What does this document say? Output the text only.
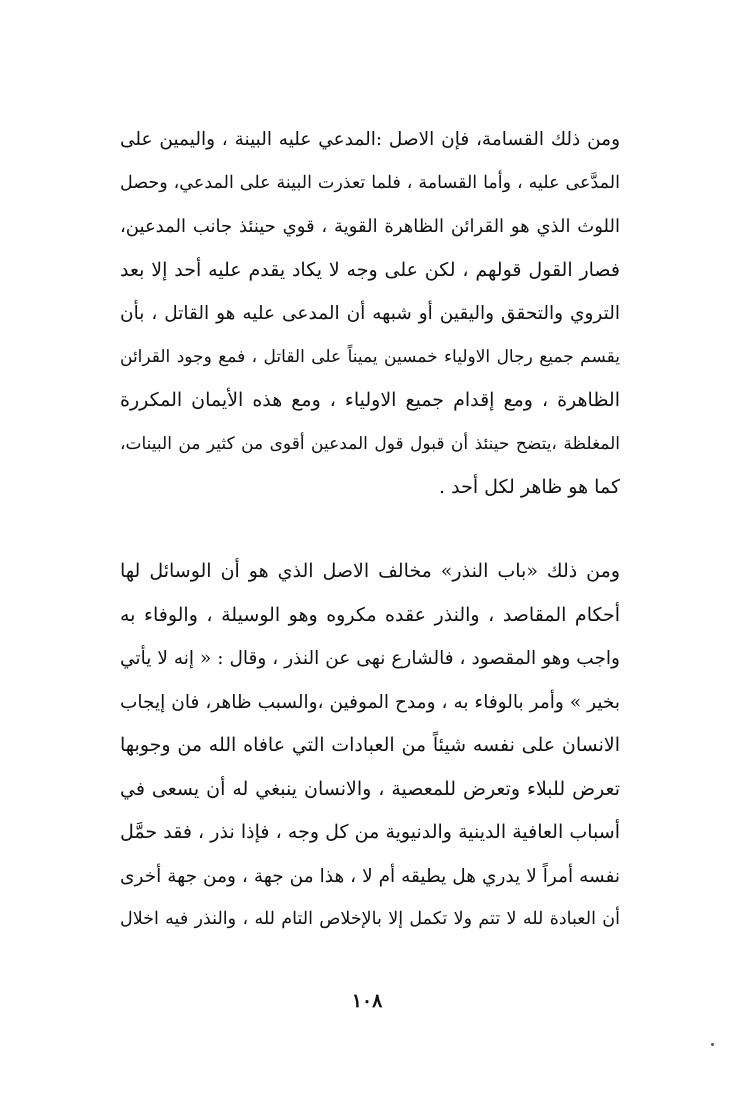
ومن ذلك القسامة، فإن الاصل :المدعي عليه البينة ، واليمين على
المدَّعى عليه ، وأما القسامة ، فلما تعذرت البينة على المدعي، وحصل
اللوث الذي هو القرائن الظاهرة القوية ، قوي حينئذ جانب المدعين،
فصار القول قولهم ، لكن على وجه لا يكاد يقدم عليه أحد إلا بعد
التروي والتحقق واليقين أو شبهه أن المدعى عليه هو القاتل ، بأن
يقسم جميع رجال الاولياء خمسين يميناً على القاتل ، فمع وجود القرائن
الظاهرة ، ومع إقدام جميع الاولياء ، ومع هذه الأيمان المكررة
المغلظة ،يتضح حينئذ أن قبول قول المدعين أقوى من كثير من البينات،
كما هو ظاهر لكل أحد .
ومن ذلك «باب النذر» مخالف الاصل الذي هو أن الوسائل لها
أحكام المقاصد ، والنذر عقده مكروه وهو الوسيلة ، والوفاء به
واجب وهو المقصود ، فالشارع نهى عن النذر ، وقال : « إنه لا يأتي
بخير » وأمر بالوفاء به ، ومدح الموفين ،والسبب ظاهر، فان إيجاب
الانسان على نفسه شيئاً من العبادات التي عافاه الله من وجوبها
تعرض للبلاء وتعرض للمعصية ، والانسان ينبغي له أن يسعى في
أسباب العافية الدينية والدنيوية من كل وجه ، فإذا نذر ، فقد حمَّل
نفسه أمراً لا يدري هل يطيقه أم لا ، هذا من جهة ، ومن جهة أخرى
أن العبادة لله لا تتم ولا تكمل إلا بالإخلاص التام لله ، والنذر فيه اخلال
١٠٨
